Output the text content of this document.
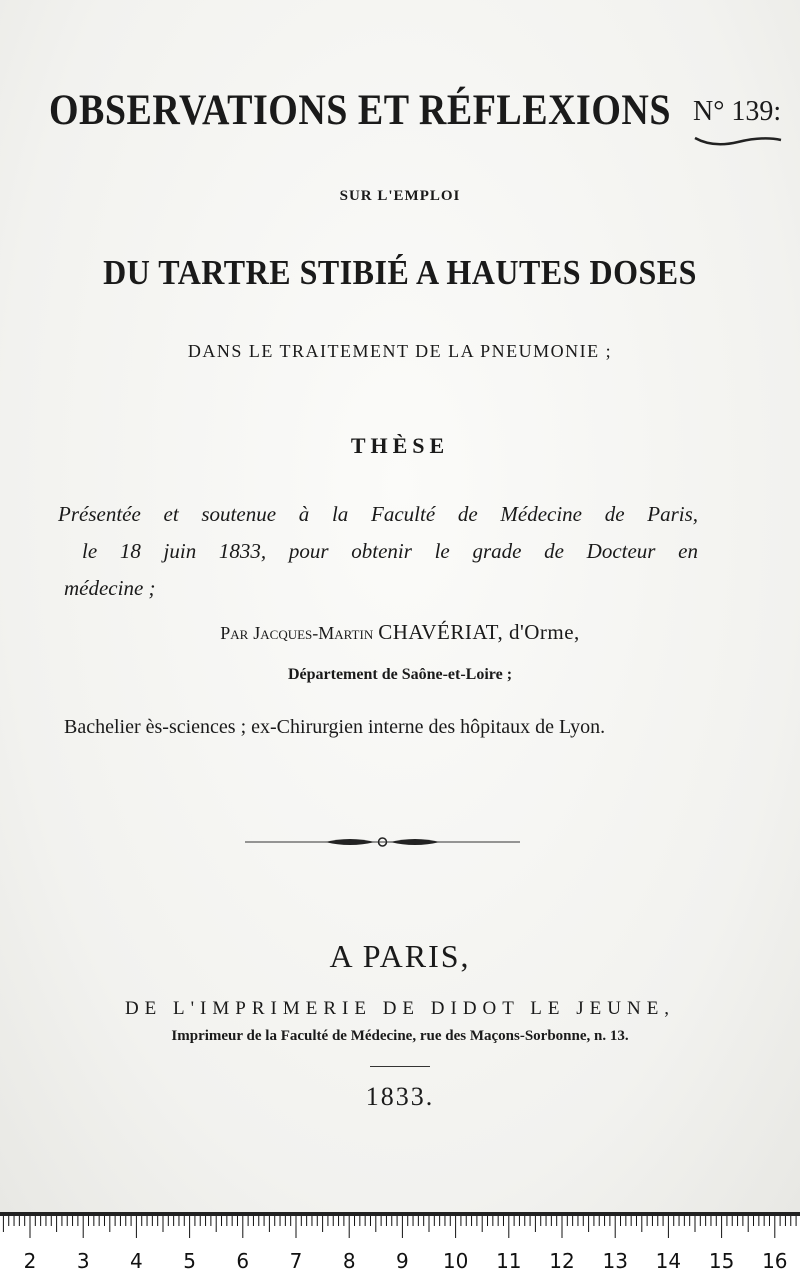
OBSERVATIONS ET RÉFLEXIONS N° 139:
SUR L'EMPLOI
DU TARTRE STIBIÉ A HAUTES DOSES
DANS LE TRAITEMENT DE LA PNEUMONIE ;
THÈSE
Présentée et soutenue à la Faculté de Médecine de Paris,
le 18 juin 1833, pour obtenir le grade de Docteur en
médecine ;
Par Jacques-Martin CHAVÉRIAT, d'Orme,
Département de Saône-et-Loire ;
Bachelier ès-sciences ; ex-Chirurgien interne des hôpitaux de Lyon.
A PARIS,
DE L'IMPRIMERIE DE DIDOT LE JEUNE,
Imprimeur de la Faculté de Médecine, rue des Maçons-Sorbonne, n. 13.
1833.
2 3 4 5 6 7 8 9 10 11 12 13 14 15 16
